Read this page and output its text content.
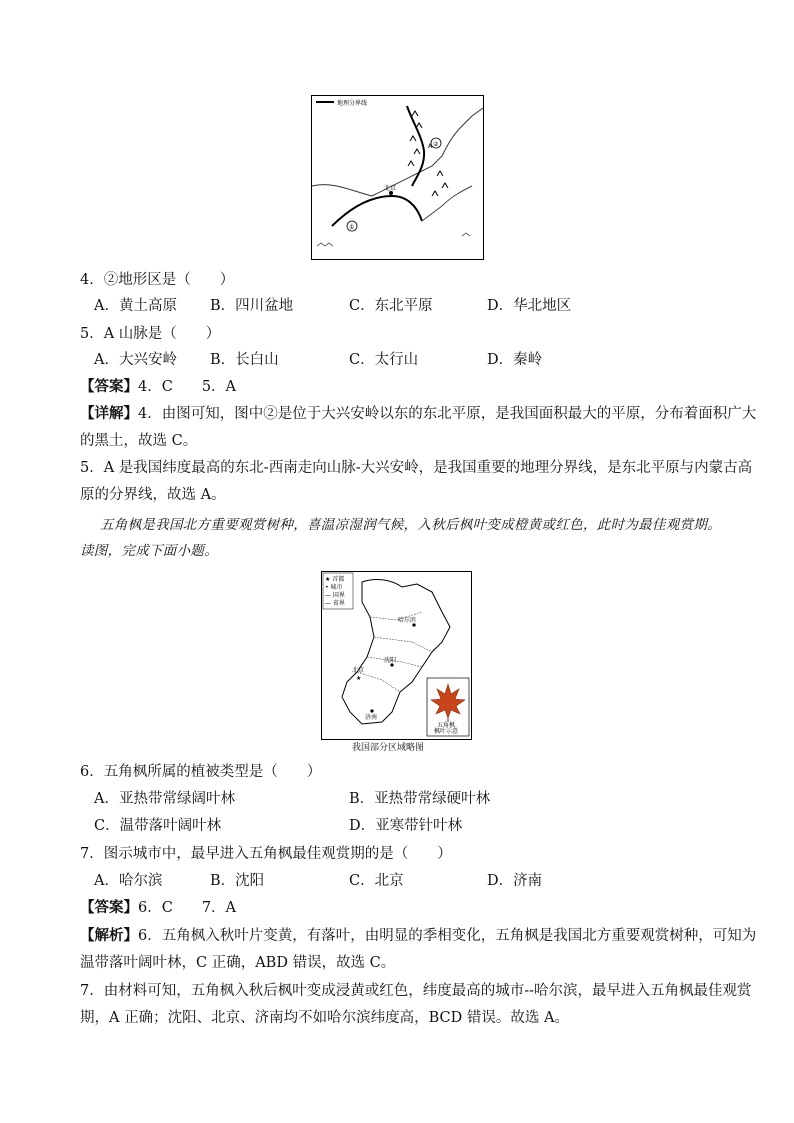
地理分界线
A ②
①
北京
4．②地形区是（　　）
A．黄土高原 B．四川盆地	C．东北平原	D．华北地区
5．A 山脉是（　　）
A．大兴安岭 B．长白山	C．太行山	D．秦岭
【答案】4．C　　5．A
【详解】4．由图可知，图中②是位于大兴安岭以东的东北平原，是我国面积最大的平原，分布着面积广大
的黑土，故选 C。
5．A 是我国纬度最高的东北-西南走向山脉-大兴安岭，是我国重要的地理分界线，是东北平原与内蒙古高
原的分界线，故选 A。
五角枫是我国北方重要观赏树种，喜温凉湿润气候，入秋后枫叶变成橙黄或红色，此时为最佳观赏期。
读图，完成下面小题。
★ 首都
• 城市
— 国界
— 省界
哈尔滨
沈阳
★
北京
济南
五角枫
枫叶示意
我国部分区域略图
6．五角枫所属的植被类型是（　　）
A．亚热带常绿阔叶林	B．亚热带常绿硬叶林
C．温带落叶阔叶林	D．亚寒带针叶林
7．图示城市中，最早进入五角枫最佳观赏期的是（　　）
A．哈尔滨	B．沈阳	C．北京	D．济南
【答案】6．C　　7．A
【解析】6．五角枫入秋叶片变黄，有落叶，由明显的季相变化，五角枫是我国北方重要观赏树种，可知为
温带落叶阔叶林，C 正确，ABD 错误，故选 C。
7．由材料可知，五角枫入秋后枫叶变成浸黄或红色，纬度最高的城市--哈尔滨，最早进入五角枫最佳观赏
期，A 正确；沈阳、北京、济南均不如哈尔滨纬度高，BCD 错误。故选 A。
